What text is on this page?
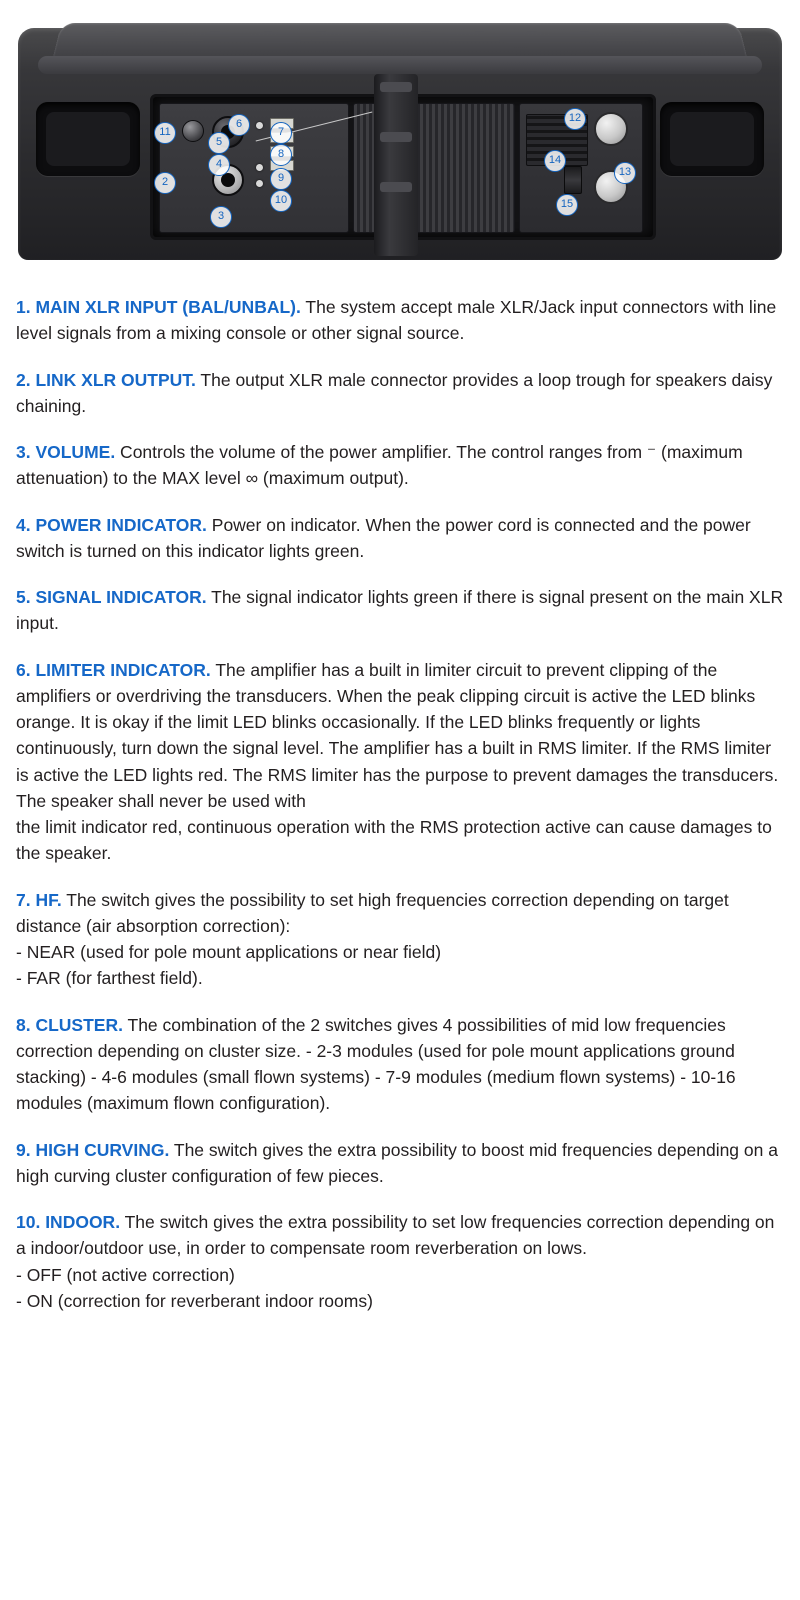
11
2
5
4
3
6
7
8
9
10
12
13
14
15

1. MAIN XLR INPUT (BAL/UNBAL). The system accept male XLR/Jack input connectors with line level signals from a mixing console or other signal source.

2. LINK XLR OUTPUT. The output XLR male connector provides a loop trough for speakers daisy chaining.

3. VOLUME. Controls the volume of the power amplifier. The control ranges from ⁻ (maximum attenuation) to the MAX level ∞ (maximum output).

4. POWER INDICATOR. Power on indicator. When the power cord is connected and the power switch is turned on this indicator lights green.

5. SIGNAL INDICATOR. The signal indicator lights green if there is signal present on the main XLR input.

6. LIMITER INDICATOR. The amplifier has a built in limiter circuit to prevent clipping of the amplifiers or overdriving the transducers. When the peak clipping circuit is active the LED blinks orange. It is okay if the limit LED blinks occasionally. If the LED blinks frequently or lights continuously, turn down the signal level. The amplifier has a built in RMS limiter. If the RMS limiter is active the LED lights red. The RMS limiter has the purpose to prevent damages the transducers. The speaker shall never be used with
the limit indicator red, continuous operation with the RMS protection active can cause damages to the speaker.

7. HF. The switch gives the possibility to set high frequencies correction depending on target distance (air absorption correction):
- NEAR (used for pole mount applications or near field)
- FAR (for farthest field).

8. CLUSTER. The combination of the 2 switches gives 4 possibilities of mid low frequencies correction depending on cluster size. - 2-3 modules (used for pole mount applications ground stacking) - 4-6 modules (small flown systems) - 7-9 modules (medium flown systems) - 10-16 modules (maximum flown configuration).

9. HIGH CURVING. The switch gives the extra possibility to boost mid frequencies depending on a high curving cluster configuration of few pieces.

10. INDOOR. The switch gives the extra possibility to set low frequencies correction depending on a indoor/outdoor use, in order to compensate room reverberation on lows.
- OFF (not active correction)
- ON (correction for reverberant indoor rooms)
